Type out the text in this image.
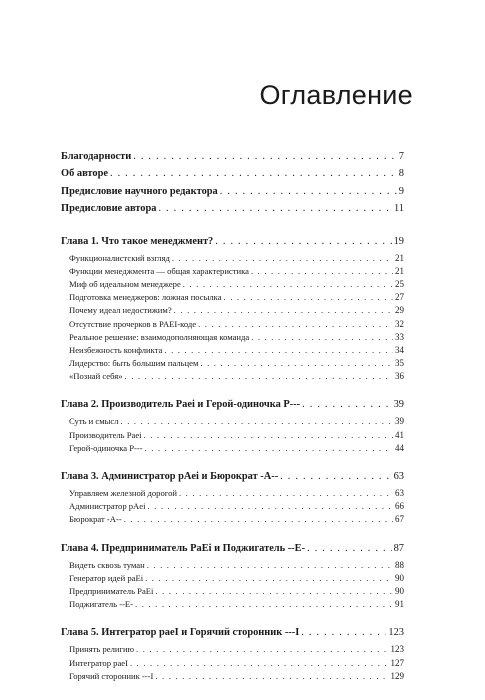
Оглавление
Благодарности . . .	7
Об авторе . . .	8
Предисловие научного редактора . . .	9
Предисловие автора . . .	11
Глава 1. Что такое менеджмент? . . .	19
Функционалистский взгляд . . .	21
Функции менеджмента — общая характеристика . . .	21
Миф об идеальном менеджере . . .	25
Подготовка менеджеров: ложная посылка . . .	27
Почему идеал недостижим? . . .	29
Отсутствие прочерков в PAEI-коде . . .	32
Реальное решение: взаимодополняющая команда . . .	33
Неизбежность конфликта . . .	34
Лидерство: быть большим пальцем . . .	35
«Познай себя» . . .	36
Глава 2. Производитель Paei и Герой-одиночка P--- . . .	39
Суть и смысл . . .	39
Производитель Paei . . .	41
Герой-одиночка P--- . . .	44
Глава 3. Администратор pAei и Бюрократ -A-- . . .	63
Управляем железной дорогой . . .	63
Администратор pAei . . .	66
Бюрократ -A-- . . .	67
Глава 4. Предприниматель PaEi и Поджигатель --E- . . .	87
Видеть сквозь туман . . .	88
Генератор идей paEi . . .	90
Предприниматель PaEi . . .	90
Поджигатель --E- . . .	91
Глава 5. Интегратор paeI и Горячий сторонник ---I . . .	123
Принять религию . . .	123
Интегратор paeI . . .	127
Горячий сторонник ---I . . .	129
